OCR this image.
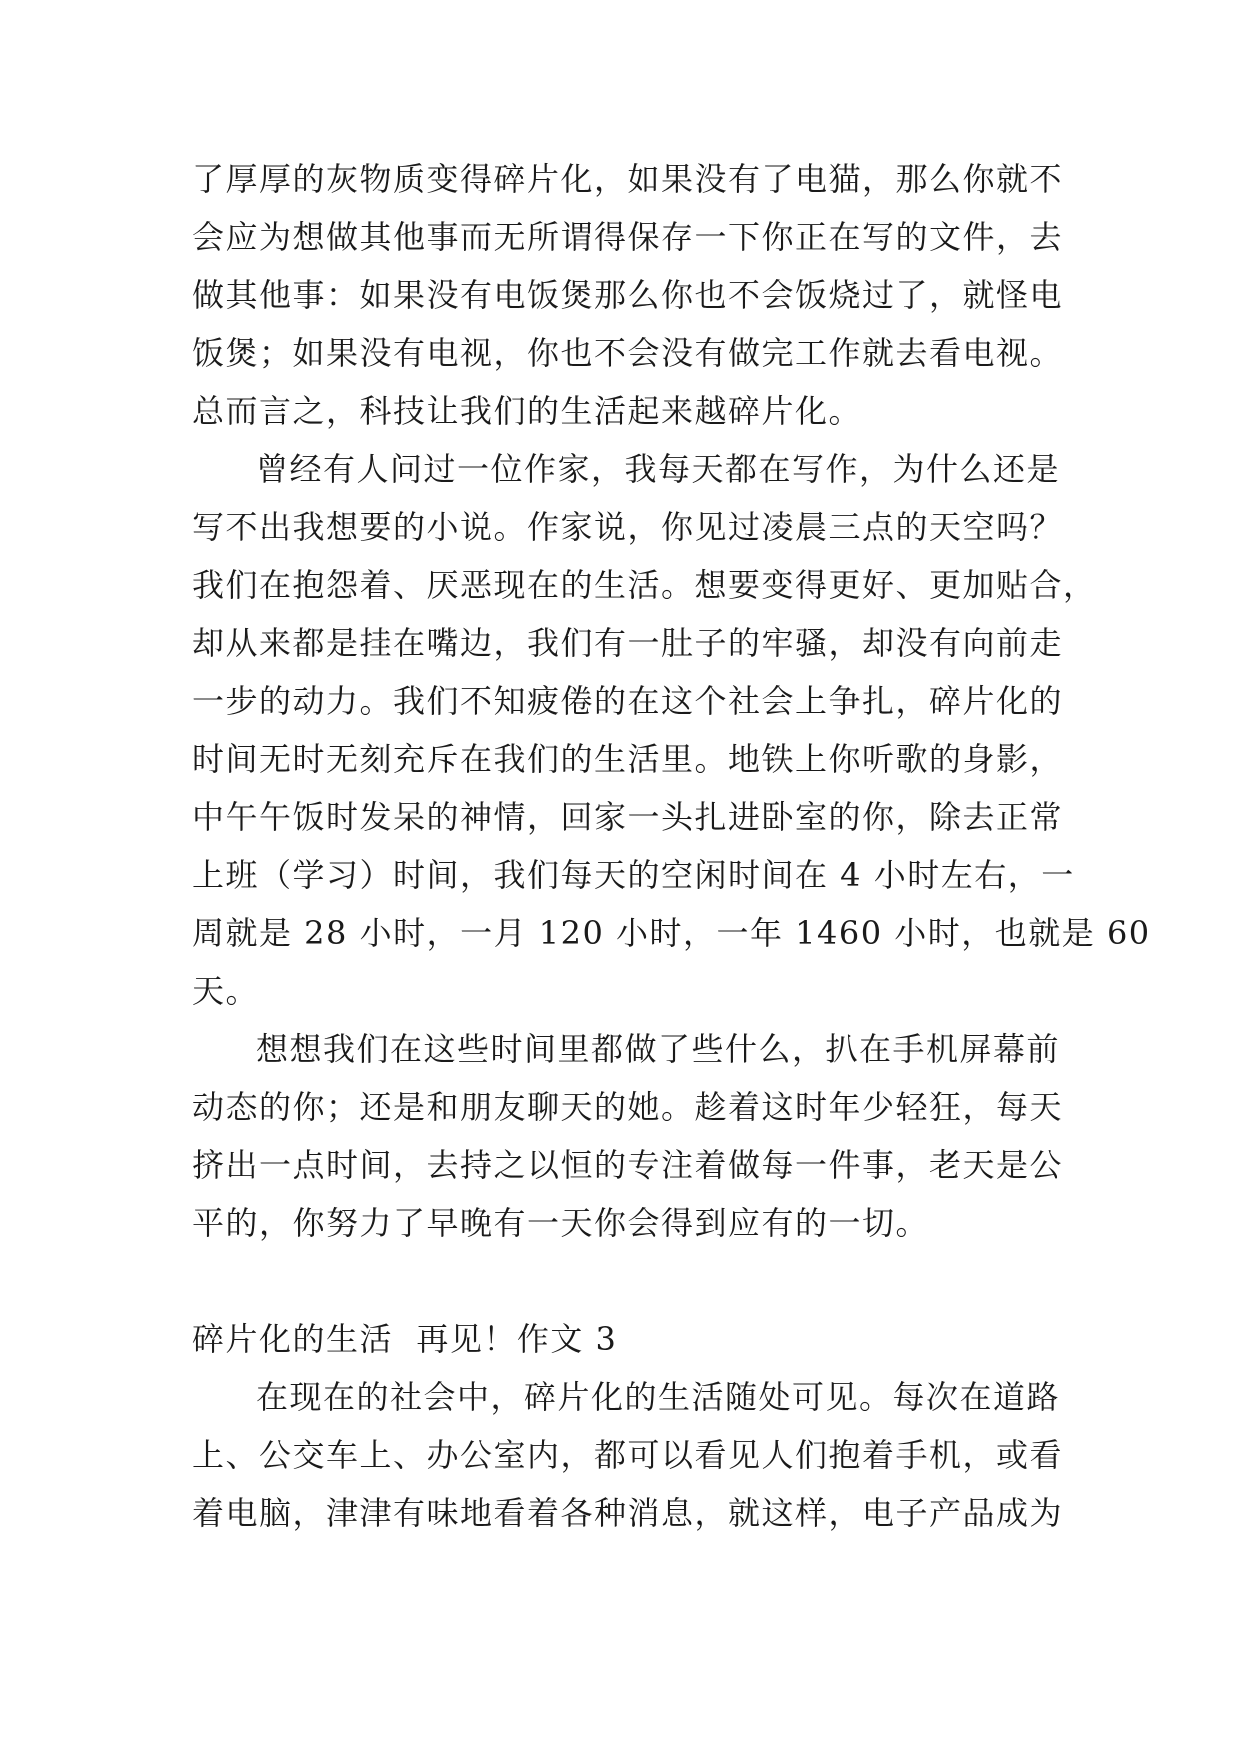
了厚厚的灰物质变得碎片化，如果没有了电猫，那么你就不
会应为想做其他事而无所谓得保存一下你正在写的文件，去
做其他事：如果没有电饭煲那么你也不会饭烧过了，就怪电
饭煲；如果没有电视，你也不会没有做完工作就去看电视。
总而言之，科技让我们的生活起来越碎片化。
曾经有人问过一位作家，我每天都在写作，为什么还是
写不出我想要的小说。作家说，你见过凌晨三点的天空吗？
我们在抱怨着、厌恶现在的生活。想要变得更好、更加贴合，
却从来都是挂在嘴边，我们有一肚子的牢骚，却没有向前走
一步的动力。我们不知疲倦的在这个社会上争扎，碎片化的
时间无时无刻充斥在我们的生活里。地铁上你听歌的身影，
中午午饭时发呆的神情，回家一头扎进卧室的你，除去正常
上班（学习）时间，我们每天的空闲时间在 4 小时左右，一
周就是 28 小时，一月 120 小时，一年 1460 小时，也就是 60
天。
想想我们在这些时间里都做了些什么，扒在手机屏幕前
动态的你；还是和朋友聊天的她。趁着这时年少轻狂，每天
挤出一点时间，去持之以恒的专注着做每一件事，老天是公
平的，你努力了早晚有一天你会得到应有的一切。
碎片化的生活  再见！作文 3
在现在的社会中，碎片化的生活随处可见。每次在道路
上、公交车上、办公室内，都可以看见人们抱着手机，或看
着电脑，津津有味地看着各种消息，就这样，电子产品成为
